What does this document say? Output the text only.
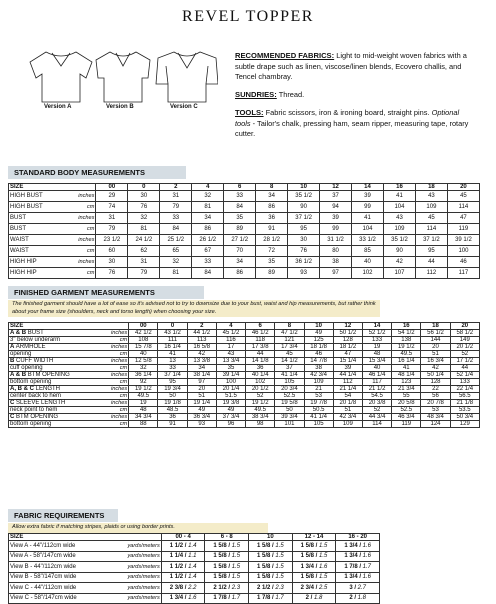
REVEL TOPPER
Version A	Version B	Version C

RECOMMENDED FABRICS: Light to mid-weight woven fabrics with a subtle drape such as linen, viscose/linen blends, Ecovero challis, and Tencel chambray.

SUNDRIES: Thread.

TOOLS: Fabric scissors, iron & ironing board, straight pins. Optional tools - Tailor's chalk, pressing ham, seam ripper, measuring tape, rotary cutter.

STANDARD BODY MEASUREMENTS
SIZE		00	0	2	4	6	8	10	12	14	16	18	20
HIGH BUST	inches	29	30	31	32	33	34	35 1/2	37	39	41	43	45
HIGH BUST	cm	74	76	79	81	84	86	90	94	99	104	109	114
BUST	inches	31	32	33	34	35	36	37 1/2	39	41	43	45	47
BUST	cm	79	81	84	86	89	91	95	99	104	109	114	119
WAIST	inches	23 1/2	24 1/2	25 1/2	26 1/2	27 1/2	28 1/2	30	31 1/2	33 1/2	35 1/2	37 1/2	39 1/2
WAIST	cm	60	62	65	67	70	72	76	80	85	90	95	100
HIGH HIP	inches	30	31	32	33	34	35	36 1/2	38	40	42	44	46
HIGH HIP	cm	76	79	81	84	86	89	93	97	102	107	112	117
FINISHED GARMENT MEASUREMENTS
The finished garment should have a lot of ease so it's advised not to try to downsize due to your bust, waist and hip measurements, but rather think about your frame size (shoulders, neck and torso length) when choosing your size.
SIZE		00	0	2	4	6	8	10	12	14	16	18	20
A & B BUST	inches	42 1/2	43 1/2	44 1/2	45 1/2	46 1/2	47 1/2	49	50 1/2	52 1/2	54 1/2	56 1/2	58 1/2
3" below underarm	cm	108	111	113	116	118	121	125	128	133	138	144	149
A ARMHOLE	inches	15 7/8	16 1/4	16 5/8	17	17 3/8	17 3/4	18 1/8	18 1/2	19	19 1/2	20	20 1/2
opening	cm	40	41	42	43	44	45	46	47	48	49.5	51	52
B CUFF WIDTH	inches	12 5/8	13	13 3/8	13 3/4	14 1/8	14 1/2	14 7/8	15 1/4	15 3/4	16 1/4	16 3/4	17 1/2
cuff opening	cm	32	33	34	35	36	37	38	39	40	41	42	44
A & B BTM OPENING	inches	36 1/4	37 1/4	38 1/4	39 1/4	40 1/4	41 1/4	42 3/4	44 1/4	46 1/4	48 1/4	50 1/4	52 1/4
bottom opening	cm	92	95	97	100	102	105	109	112	117	123	128	133
A, B & C LENGTH	inches	19 1/2	19 3/4	20	20 1/4	20 1/2	20 3/4	21	21 1/4	21 1/2	21 3/4	22	22 1/4
center back to hem	cm	49.5	50	51	51.5	52	52.5	53	54	54.5	55	56	56.5
C SLEEVE LENGTH	inches	19	19 1/8	19 1/4	19 3/8	19 1/2	19 5/8	19 7/8	20 1/8	20 3/8	20 5/8	20 7/8	21 1/8
neck point to hem	cm	48	48.5	49	49	49.5	50	50.5	51	52	52.5	53	53.5
C BTM OPENING	inches	34 3/4	36	36 3/4	37 3/4	38 3/4	39 3/4	41 1/4	42 3/4	44 3/4	46 3/4	48 3/4	50 3/4
bottom opening	cm	88	91	93	96	98	101	105	109	114	119	124	129
FABRIC REQUIREMENTS
Allow extra fabric if matching stripes, plaids or using border prints.
SIZE		00 - 4	6 - 8	10	12 - 14	16 - 20
View A - 44"/112cm wide	yards/meters	1 1/2 / 1.4	1 5/8 / 1.5	1 5/8 / 1.5	1 5/8 / 1.5	1 3/4 / 1.6
View A - 58"/147cm wide	yards/meters	1 1/4 / 1.1	1 5/8 / 1.5	1 5/8 / 1.5	1 5/8 / 1.5	1 3/4 / 1.6
View B - 44"/112cm wide	yards/meters	1 1/2 / 1.4	1 5/8 / 1.5	1 5/8 / 1.5	1 3/4 / 1.6	1 7/8 / 1.7
View B - 58"/147cm wide	yards/meters	1 1/2 / 1.4	1 5/8 / 1.5	1 5/8 / 1.5	1 5/8 / 1.5	1 3/4 / 1.6
View C - 44"/112cm wide	yards/meters	2 3/8 / 2.2	2 1/2 / 2.3	2 1/2 / 2.3	2 3/4 / 2.5	3 / 2.7
View C - 58"/147cm wide	yards/meters	1 3/4 / 1.6	1 7/8 / 1.7	1 7/8 / 1.7	2 / 1.8	2 / 1.8
